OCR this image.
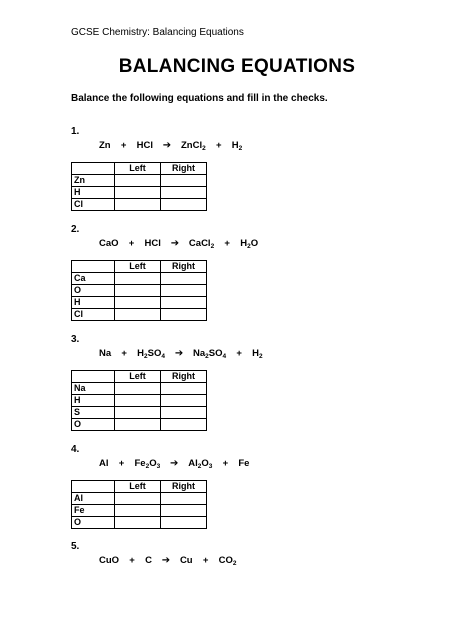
GCSE Chemistry: Balancing Equations
BALANCING EQUATIONS
Balance the following equations and fill in the checks.
1.
Zn	+	HCl ➔	ZnCl$_2$	+	$H_2$
	Left	Right
Zn		
H		
Cl		
2.
CaO	+	HCl ➔	CaCl$_2$	+	$H_2O$
	Left	Right
Ca		
O		
H		
Cl		
3.
Na	+	$H_2SO_4$ ➔	$Na_2SO_4$	+	$H_2$
	Left	Right
Na		
H		
S		
O		
4.
Al	+	$Fe_2O_3$ ➔	$Al_2O_3$	+	Fe
	Left	Right
Al		
Fe		
O		
5.
CuO	+	C ➔	Cu	+	$CO_2$
